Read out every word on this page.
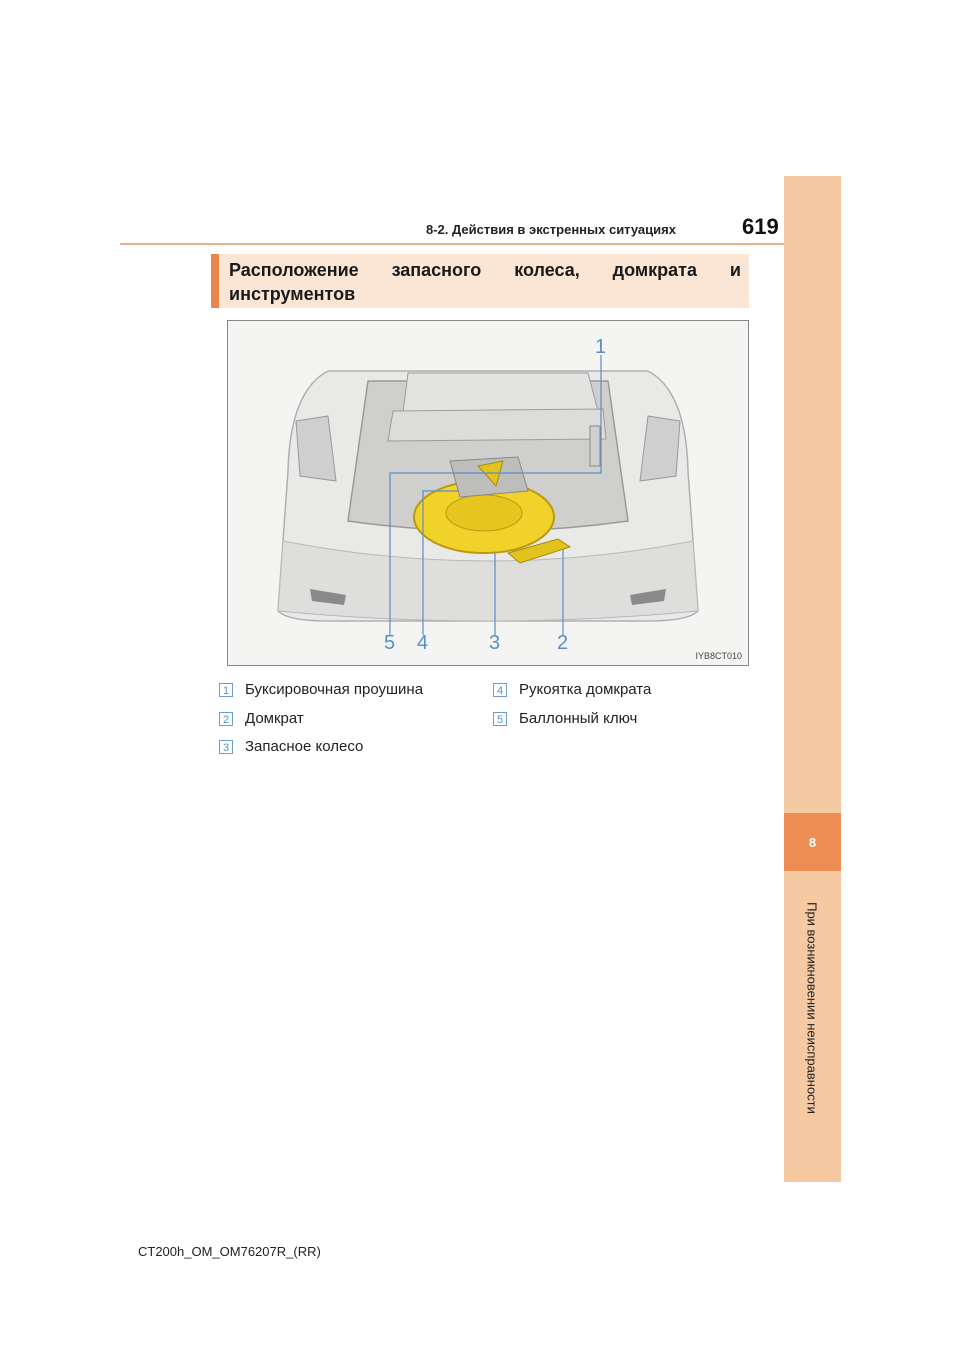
8-2. Действия в экстренных ситуациях	619
8
При возникновении неисправности
Расположение запасного колеса, домкрата и
инструментов
1
2
3
4
5
IYB8CT010
1 Буксировочная проушина
2 Домкрат
3 Запасное колесо
4 Рукоятка домкрата
5 Баллонный ключ
CT200h_OM_OM76207R_(RR)
